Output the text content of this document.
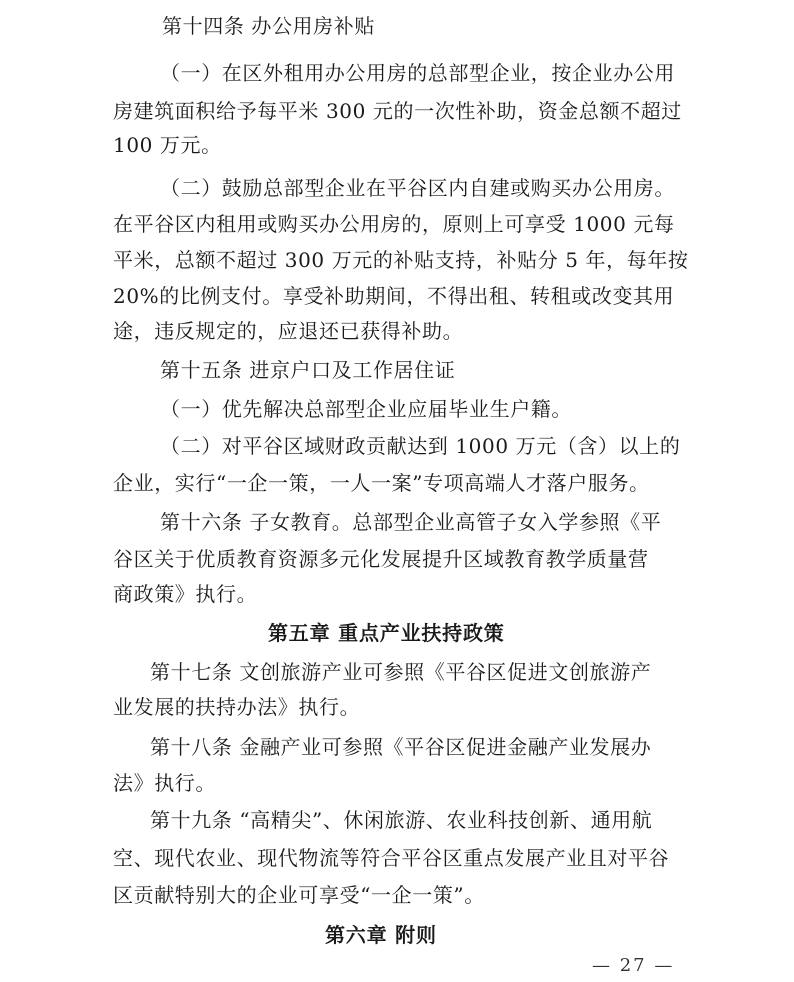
第十四条 办公用房补贴
（一）在区外租用办公用房的总部型企业，按企业办公用
房建筑面积给予每平米 300 元的一次性补助，资金总额不超过
100 万元。
（二）鼓励总部型企业在平谷区内自建或购买办公用房。
在平谷区内租用或购买办公用房的，原则上可享受 1000 元每
平米，总额不超过 300 万元的补贴支持，补贴分 5 年，每年按
20%的比例支付。享受补助期间，不得出租、转租或改变其用
途，违反规定的，应退还已获得补助。
第十五条 进京户口及工作居住证
（一）优先解决总部型企业应届毕业生户籍。
（二）对平谷区域财政贡献达到 1000 万元（含）以上的
企业，实行“一企一策，一人一案”专项高端人才落户服务。
第十六条 子女教育。总部型企业高管子女入学参照《平
谷区关于优质教育资源多元化发展提升区域教育教学质量营
商政策》执行。
第五章 重点产业扶持政策
第十七条 文创旅游产业可参照《平谷区促进文创旅游产
业发展的扶持办法》执行。
第十八条 金融产业可参照《平谷区促进金融产业发展办
法》执行。
第十九条 “高精尖”、休闲旅游、农业科技创新、通用航
空、现代农业、现代物流等符合平谷区重点发展产业且对平谷
区贡献特别大的企业可享受“一企一策”。
第六章 附则
— 27 —
